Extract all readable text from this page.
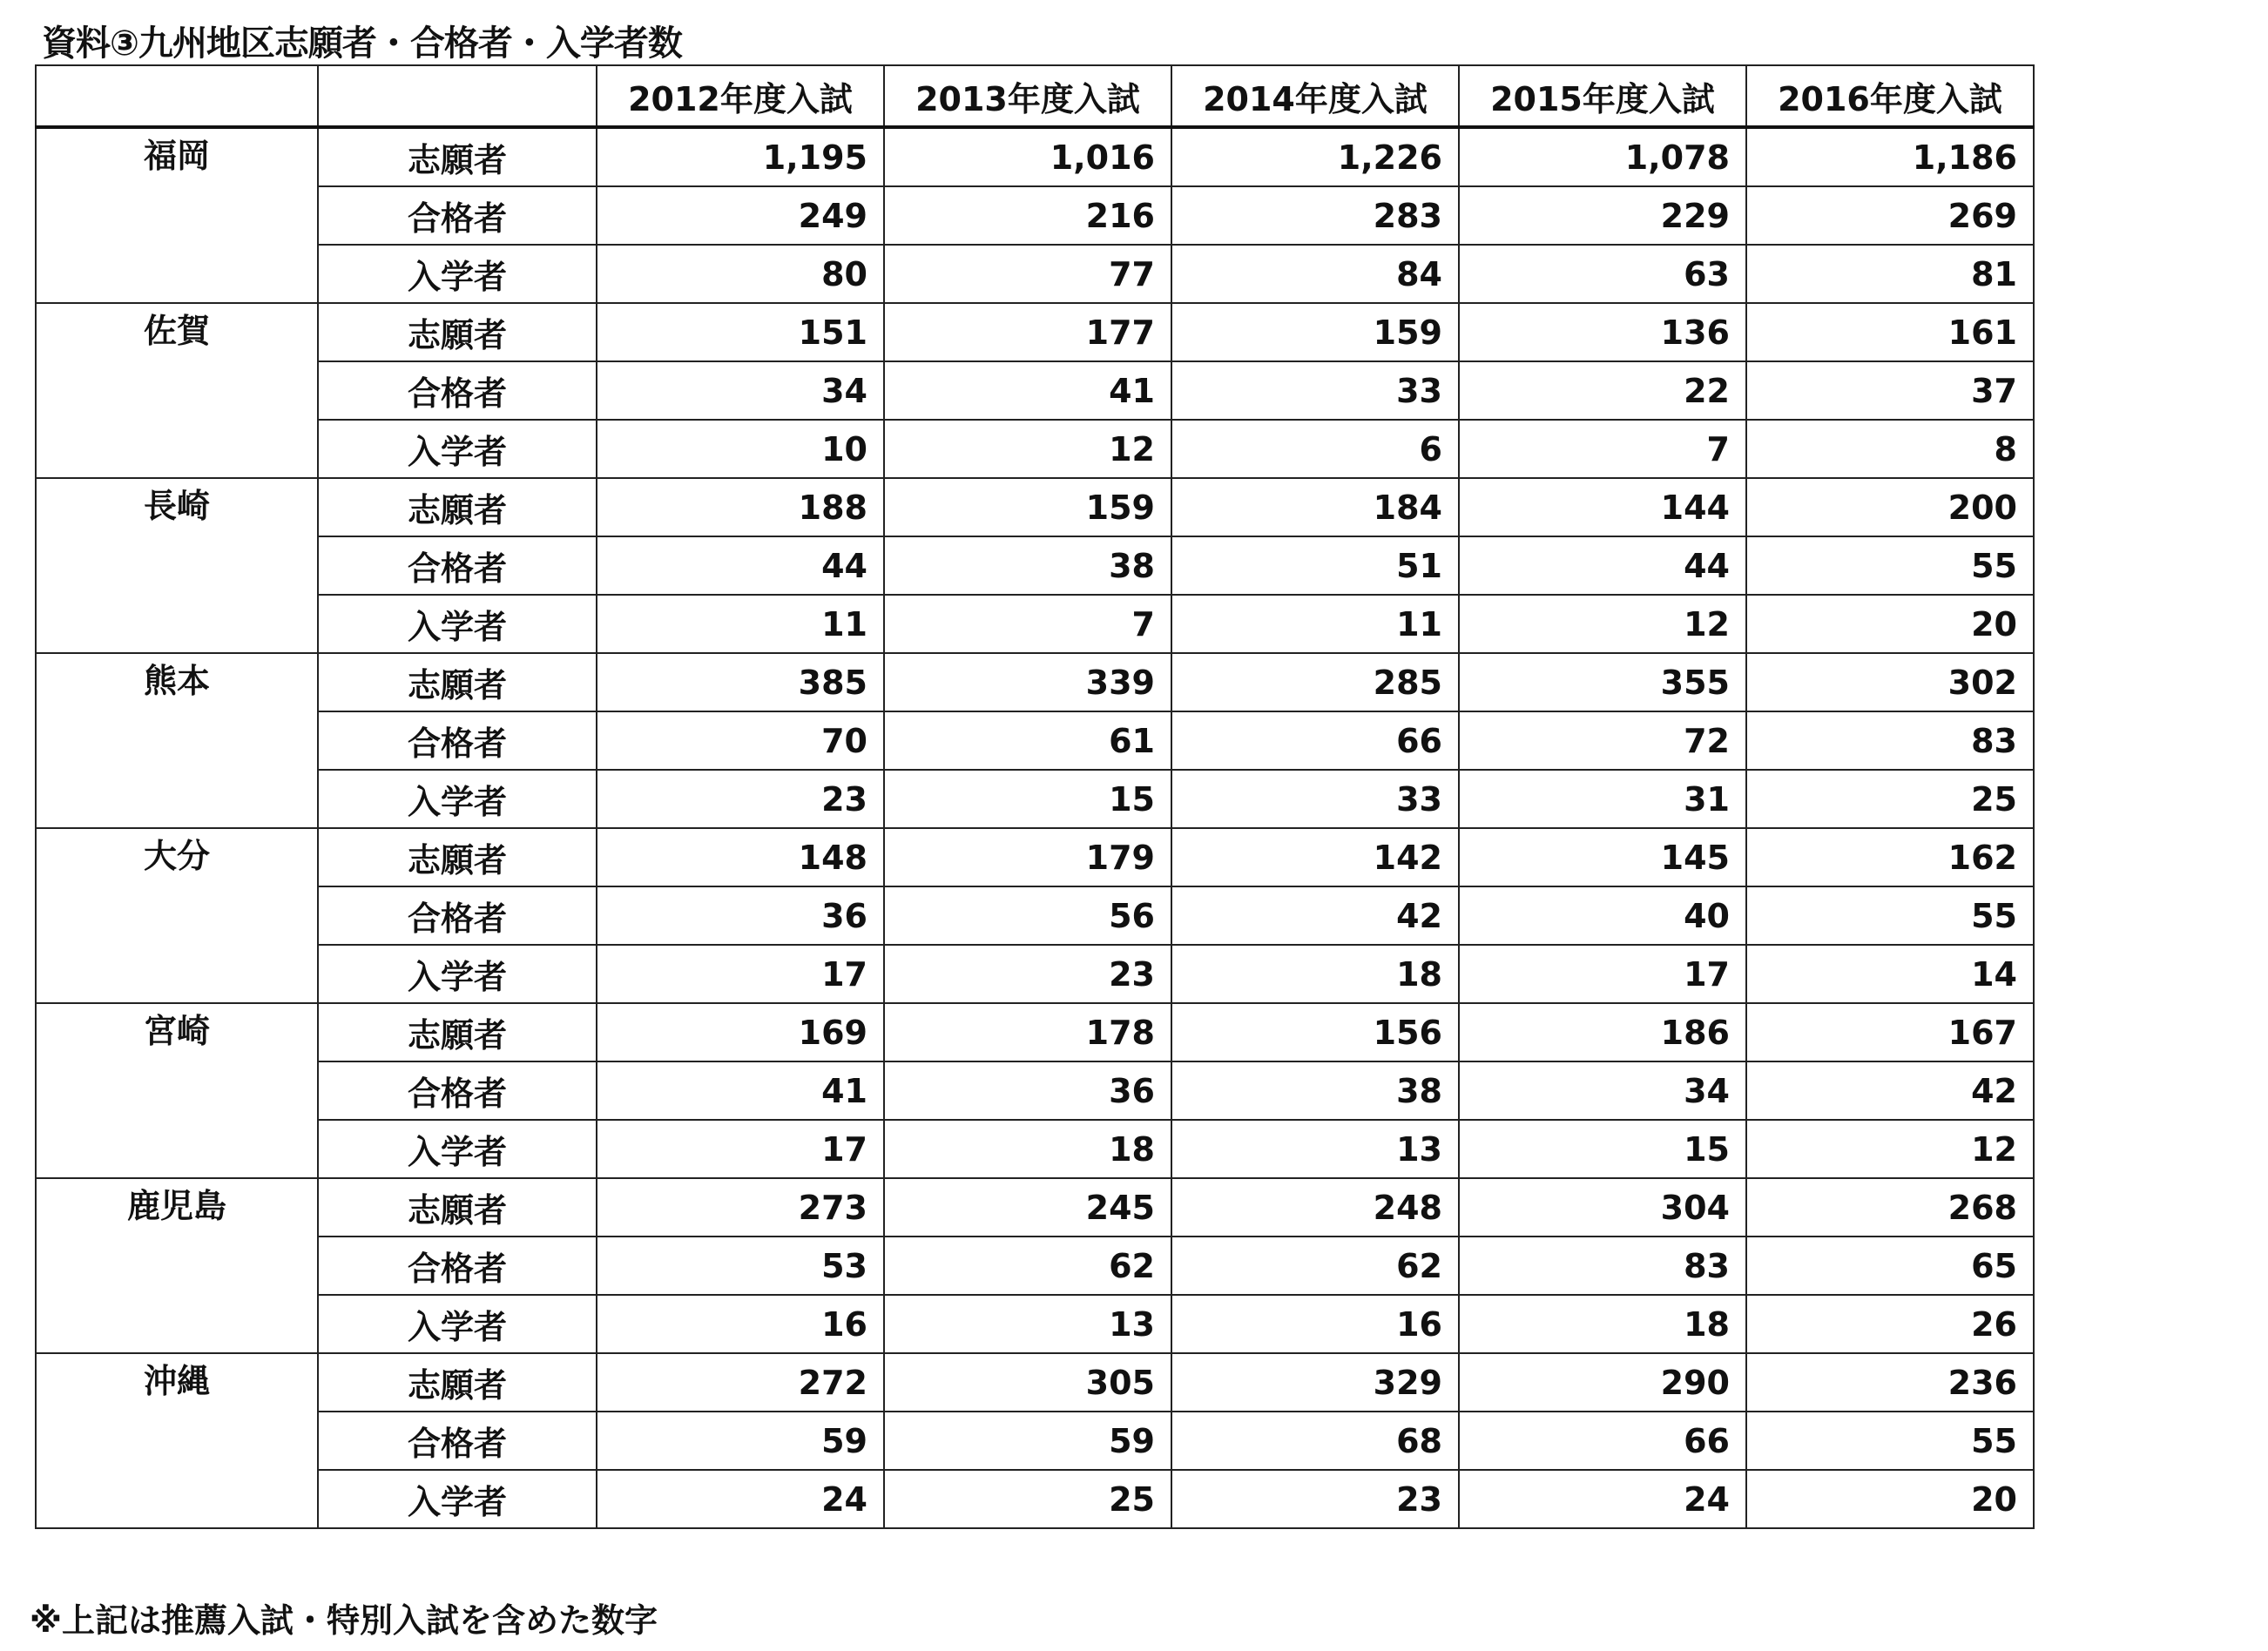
資料③九州地区志願者・合格者・入学者数
		2012年度入試	2013年度入試	2014年度入試	2015年度入試	2016年度入試
福岡	志願者	1,195	1,016	1,226	1,078	1,186
	合格者	249	216	283	229	269
	入学者	80	77	84	63	81
佐賀	志願者	151	177	159	136	161
	合格者	34	41	33	22	37
	入学者	10	12	6	7	8
長崎	志願者	188	159	184	144	200
	合格者	44	38	51	44	55
	入学者	11	7	11	12	20
熊本	志願者	385	339	285	355	302
	合格者	70	61	66	72	83
	入学者	23	15	33	31	25
大分	志願者	148	179	142	145	162
	合格者	36	56	42	40	55
	入学者	17	23	18	17	14
宮崎	志願者	169	178	156	186	167
	合格者	41	36	38	34	42
	入学者	17	18	13	15	12
鹿児島	志願者	273	245	248	304	268
	合格者	53	62	62	83	65
	入学者	16	13	16	18	26
沖縄	志願者	272	305	329	290	236
	合格者	59	59	68	66	55
	入学者	24	25	23	24	20
※上記は推薦入試・特別入試を含めた数字
